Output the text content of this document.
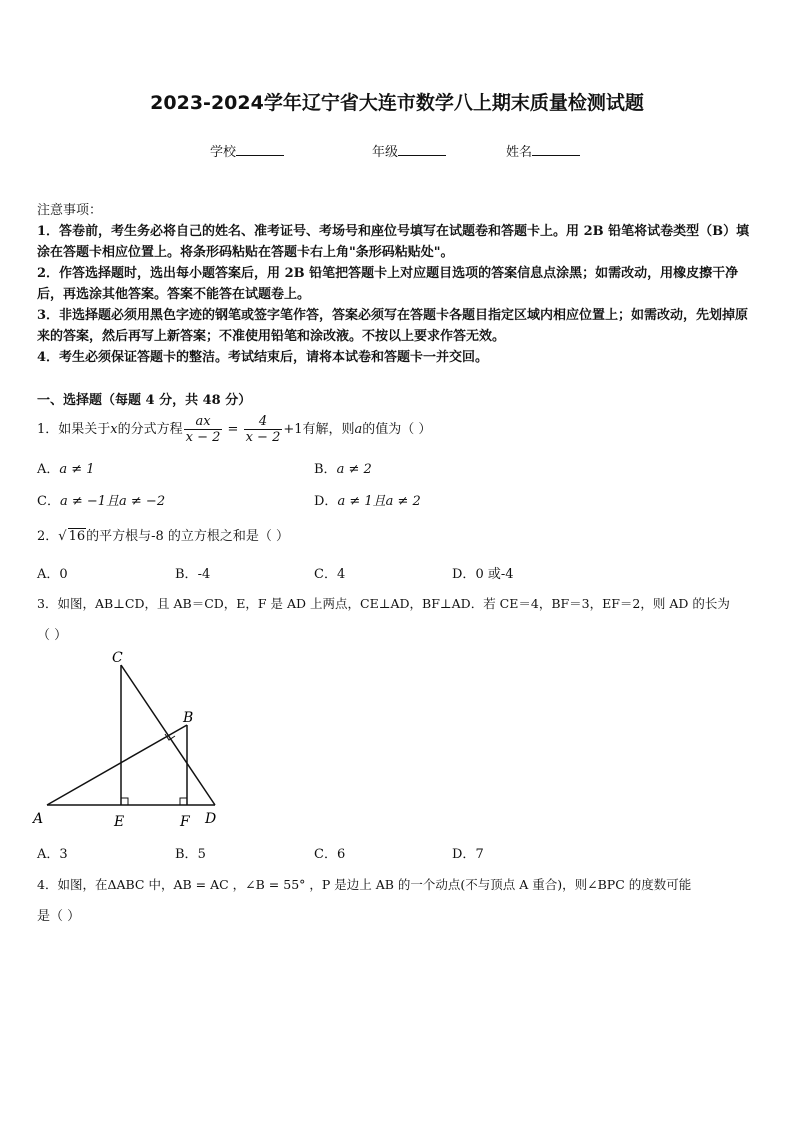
2023-2024学年辽宁省大连市数学八上期末质量检测试题
学校	年级	姓名
注意事项：
1．答卷前，考生务必将自己的姓名、准考证号、考场号和座位号填写在试题卷和答题卡上。用 2B 铅笔将试卷类型（B）填涂在答题卡相应位置上。将条形码粘贴在答题卡右上角"条形码粘贴处"。
2．作答选择题时，选出每小题答案后，用 2B 铅笔把答题卡上对应题目选项的答案信息点涂黑；如需改动，用橡皮擦干净后，再选涂其他答案。答案不能答在试题卷上。
3．非选择题必须用黑色字迹的钢笔或签字笔作答，答案必须写在答题卡各题目指定区域内相应位置上；如需改动，先划掉原来的答案，然后再写上新答案；不准使用铅笔和涂改液。不按以上要求作答无效。
4．考生必须保证答题卡的整洁。考试结束后，请将本试卷和答题卡一并交回。
一、选择题（每题 4 分，共 48 分）
1．如果关于x的分式方程 $\frac{ax}{x - 2} = \frac{4}{x - 2} +1$有解，则a的值为（ ）
A．a ≠ 1	B．a ≠ 2
C．a ≠ −1且a ≠ −2	D．a ≠ 1且a ≠ 2
2．√ 16的平方根与-8 的立方根之和是（ ）
A．0	B．-4	C．4	D．0 或-4
3．如图，AB⊥CD，且 AB＝CD，E，F 是 AD 上两点，CE⊥AD，BF⊥AD．若 CE＝4，BF＝3，EF＝2，则 AD 的长为
（ ）
A	E	F D
C
B
A．3	B．5	C．6	D．7
4．如图，在ΔABC 中，AB = AC ，∠B = 55° ，P 是边上 AB 的一个动点(不与顶点 A 重合)，则∠BPC 的度数可能
是（ ）
